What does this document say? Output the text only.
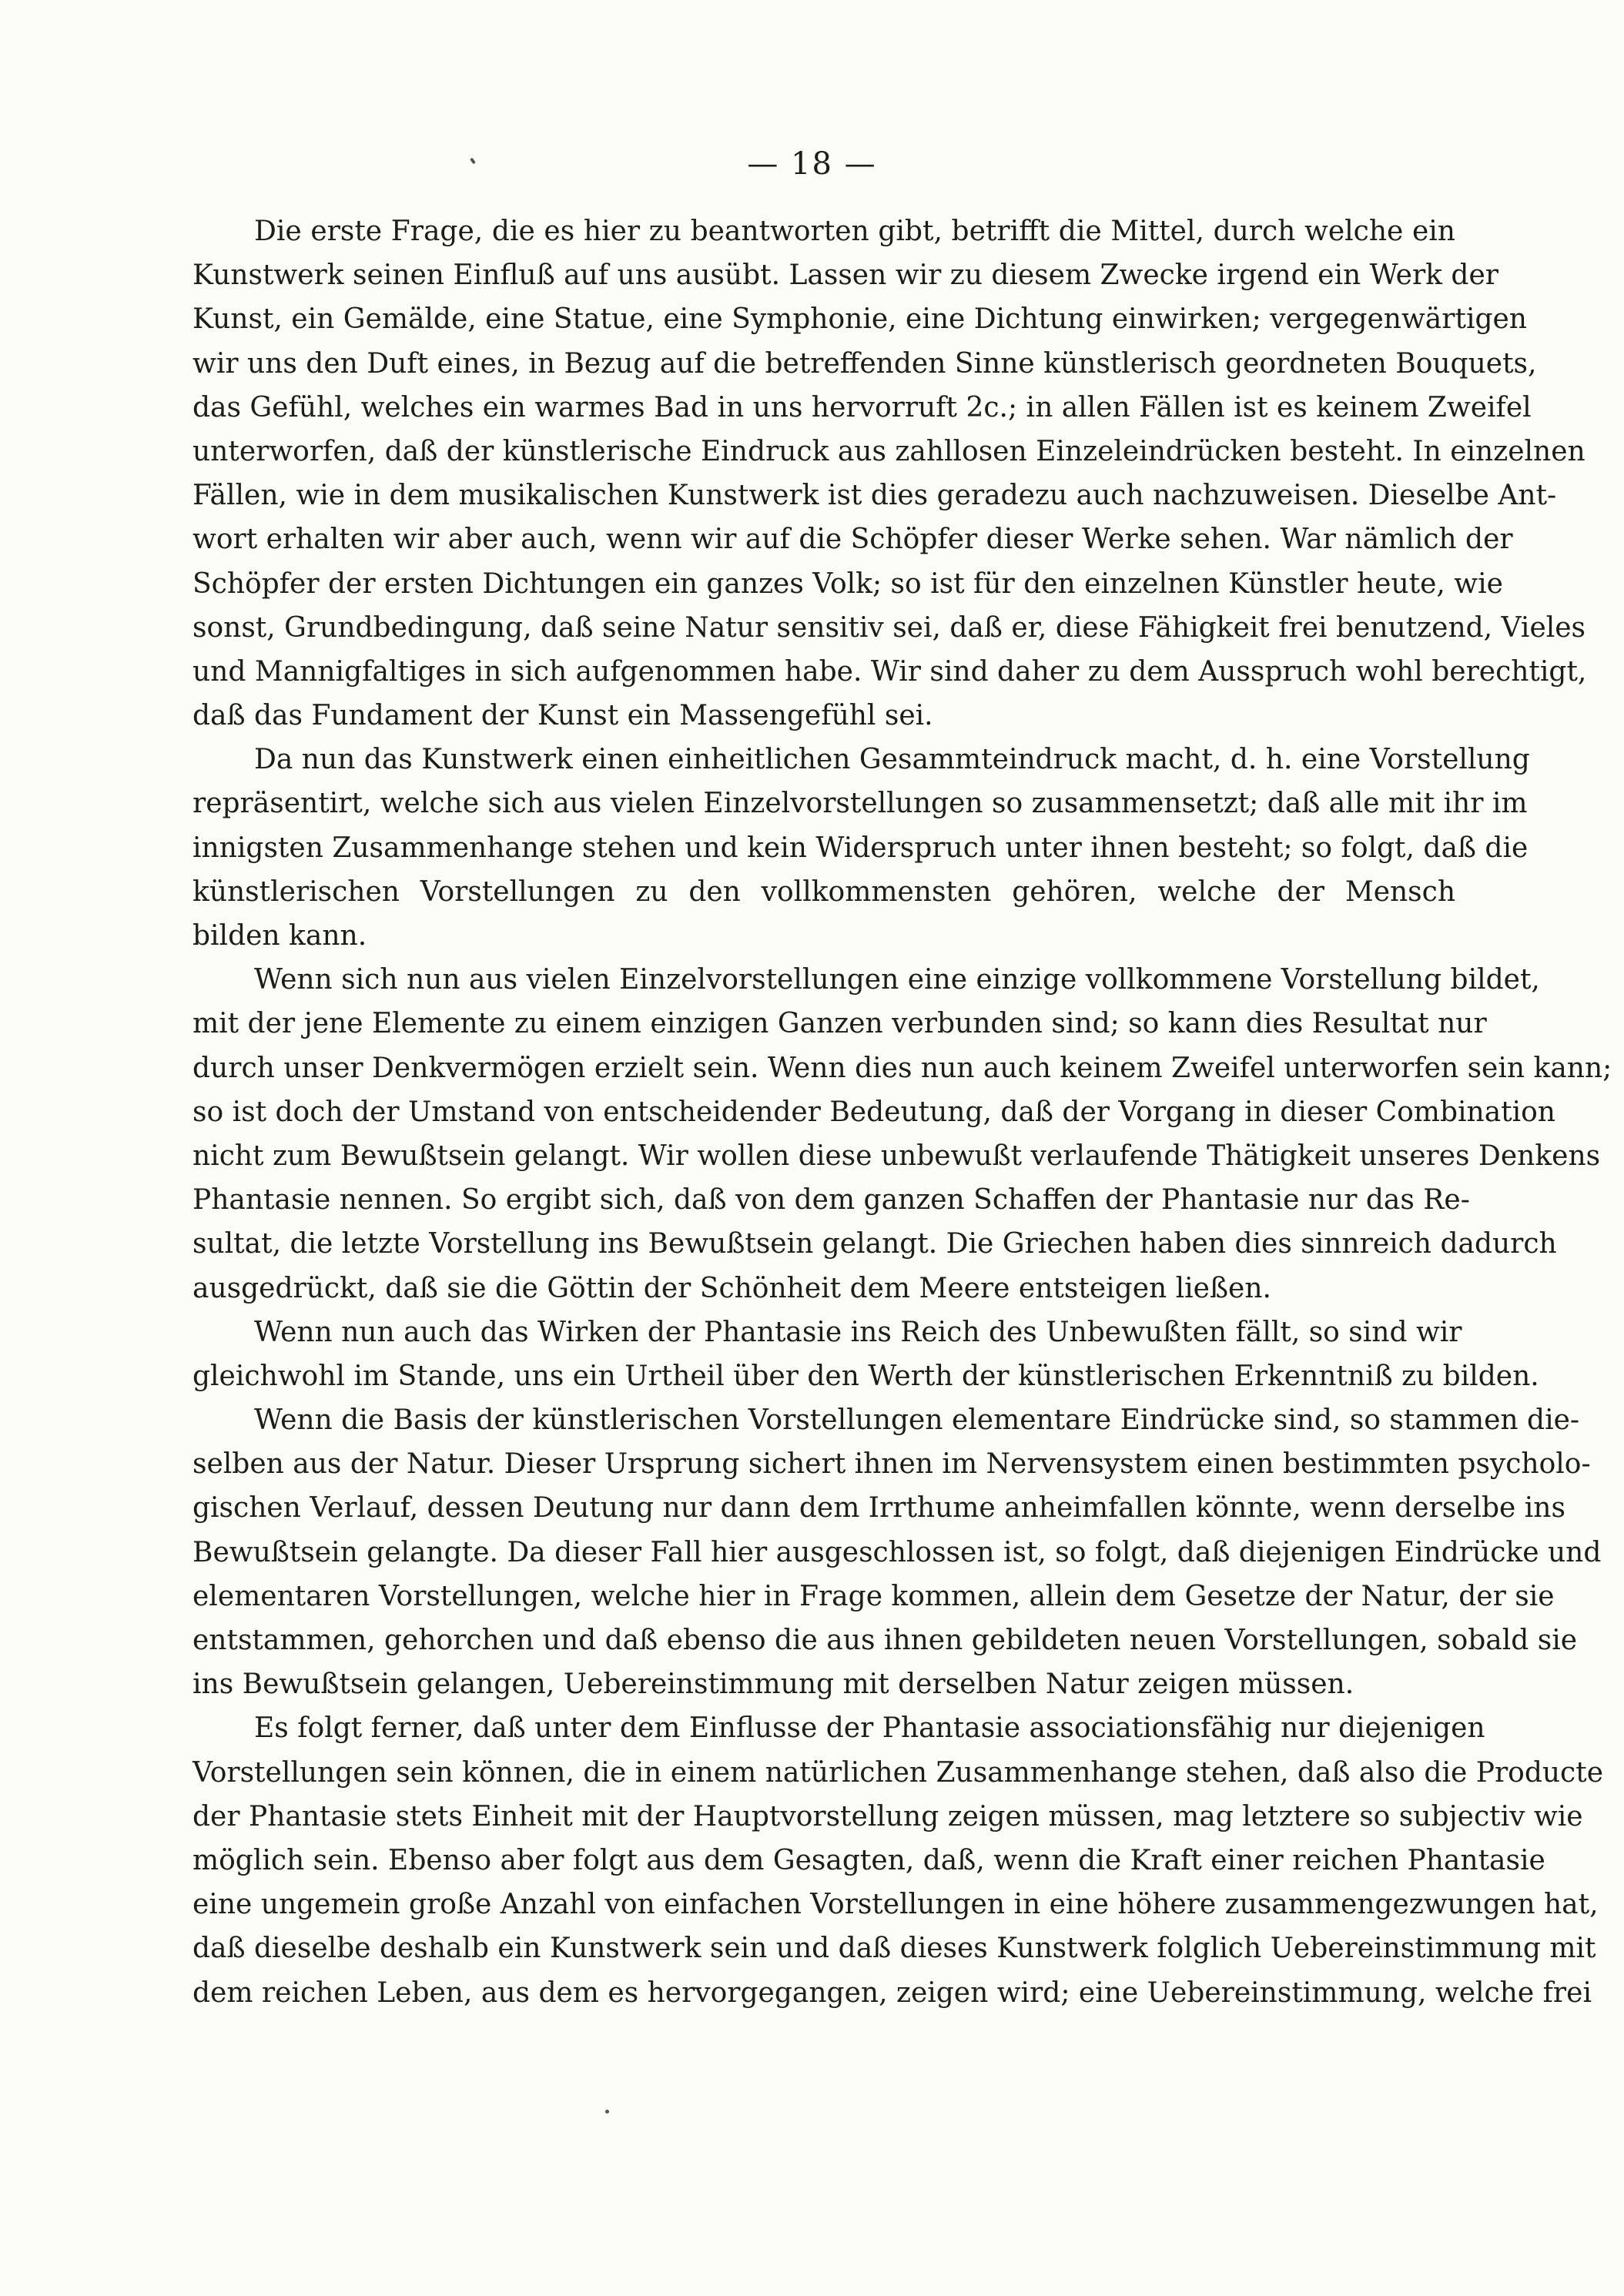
— 18 —
Die erste Frage, die es hier zu beantworten gibt, betrifft die Mittel, durch welche ein
Kunstwerk seinen Einfluß auf uns ausübt. Lassen wir zu diesem Zwecke irgend ein Werk der
Kunst, ein Gemälde, eine Statue, eine Symphonie, eine Dichtung einwirken; vergegenwärtigen
wir uns den Duft eines, in Bezug auf die betreffenden Sinne künstlerisch geordneten Bouquets,
das Gefühl, welches ein warmes Bad in uns hervorruft 2c.; in allen Fällen ist es keinem Zweifel
unterworfen, daß der künstlerische Eindruck aus zahllosen Einzeleindrücken besteht. In einzelnen
Fällen, wie in dem musikalischen Kunstwerk ist dies geradezu auch nachzuweisen. Dieselbe Ant-
wort erhalten wir aber auch, wenn wir auf die Schöpfer dieser Werke sehen. War nämlich der
Schöpfer der ersten Dichtungen ein ganzes Volk; so ist für den einzelnen Künstler heute, wie
sonst, Grundbedingung, daß seine Natur sensitiv sei, daß er, diese Fähigkeit frei benutzend, Vieles
und Mannigfaltiges in sich aufgenommen habe. Wir sind daher zu dem Ausspruch wohl berechtigt,
daß das Fundament der Kunst ein Massengefühl sei.
Da nun das Kunstwerk einen einheitlichen Gesammteindruck macht, d. h. eine Vorstellung
repräsentirt, welche sich aus vielen Einzelvorstellungen so zusammensetzt; daß alle mit ihr im
innigsten Zusammenhange stehen und kein Widerspruch unter ihnen besteht; so folgt, daß die
künstlerischen Vorstellungen zu den vollkommensten gehören, welche der Mensch
bilden kann.
Wenn sich nun aus vielen Einzelvorstellungen eine einzige vollkommene Vorstellung bildet,
mit der jene Elemente zu einem einzigen Ganzen verbunden sind; so kann dies Resultat nur
durch unser Denkvermögen erzielt sein. Wenn dies nun auch keinem Zweifel unterworfen sein kann;
so ist doch der Umstand von entscheidender Bedeutung, daß der Vorgang in dieser Combination
nicht zum Bewußtsein gelangt. Wir wollen diese unbewußt verlaufende Thätigkeit unseres Denkens
Phantasie nennen. So ergibt sich, daß von dem ganzen Schaffen der Phantasie nur das Re-
sultat, die letzte Vorstellung ins Bewußtsein gelangt. Die Griechen haben dies sinnreich dadurch
ausgedrückt, daß sie die Göttin der Schönheit dem Meere entsteigen ließen.
Wenn nun auch das Wirken der Phantasie ins Reich des Unbewußten fällt, so sind wir
gleichwohl im Stande, uns ein Urtheil über den Werth der künstlerischen Erkenntniß zu bilden.
Wenn die Basis der künstlerischen Vorstellungen elementare Eindrücke sind, so stammen die-
selben aus der Natur. Dieser Ursprung sichert ihnen im Nervensystem einen bestimmten psycholo-
gischen Verlauf, dessen Deutung nur dann dem Irrthume anheimfallen könnte, wenn derselbe ins
Bewußtsein gelangte. Da dieser Fall hier ausgeschlossen ist, so folgt, daß diejenigen Eindrücke und
elementaren Vorstellungen, welche hier in Frage kommen, allein dem Gesetze der Natur, der sie
entstammen, gehorchen und daß ebenso die aus ihnen gebildeten neuen Vorstellungen, sobald sie
ins Bewußtsein gelangen, Uebereinstimmung mit derselben Natur zeigen müssen.
Es folgt ferner, daß unter dem Einflusse der Phantasie associationsfähig nur diejenigen
Vorstellungen sein können, die in einem natürlichen Zusammenhange stehen, daß also die Producte
der Phantasie stets Einheit mit der Hauptvorstellung zeigen müssen, mag letztere so subjectiv wie
möglich sein. Ebenso aber folgt aus dem Gesagten, daß, wenn die Kraft einer reichen Phantasie
eine ungemein große Anzahl von einfachen Vorstellungen in eine höhere zusammengezwungen hat,
daß dieselbe deshalb ein Kunstwerk sein und daß dieses Kunstwerk folglich Uebereinstimmung mit
dem reichen Leben, aus dem es hervorgegangen, zeigen wird; eine Uebereinstimmung, welche frei
